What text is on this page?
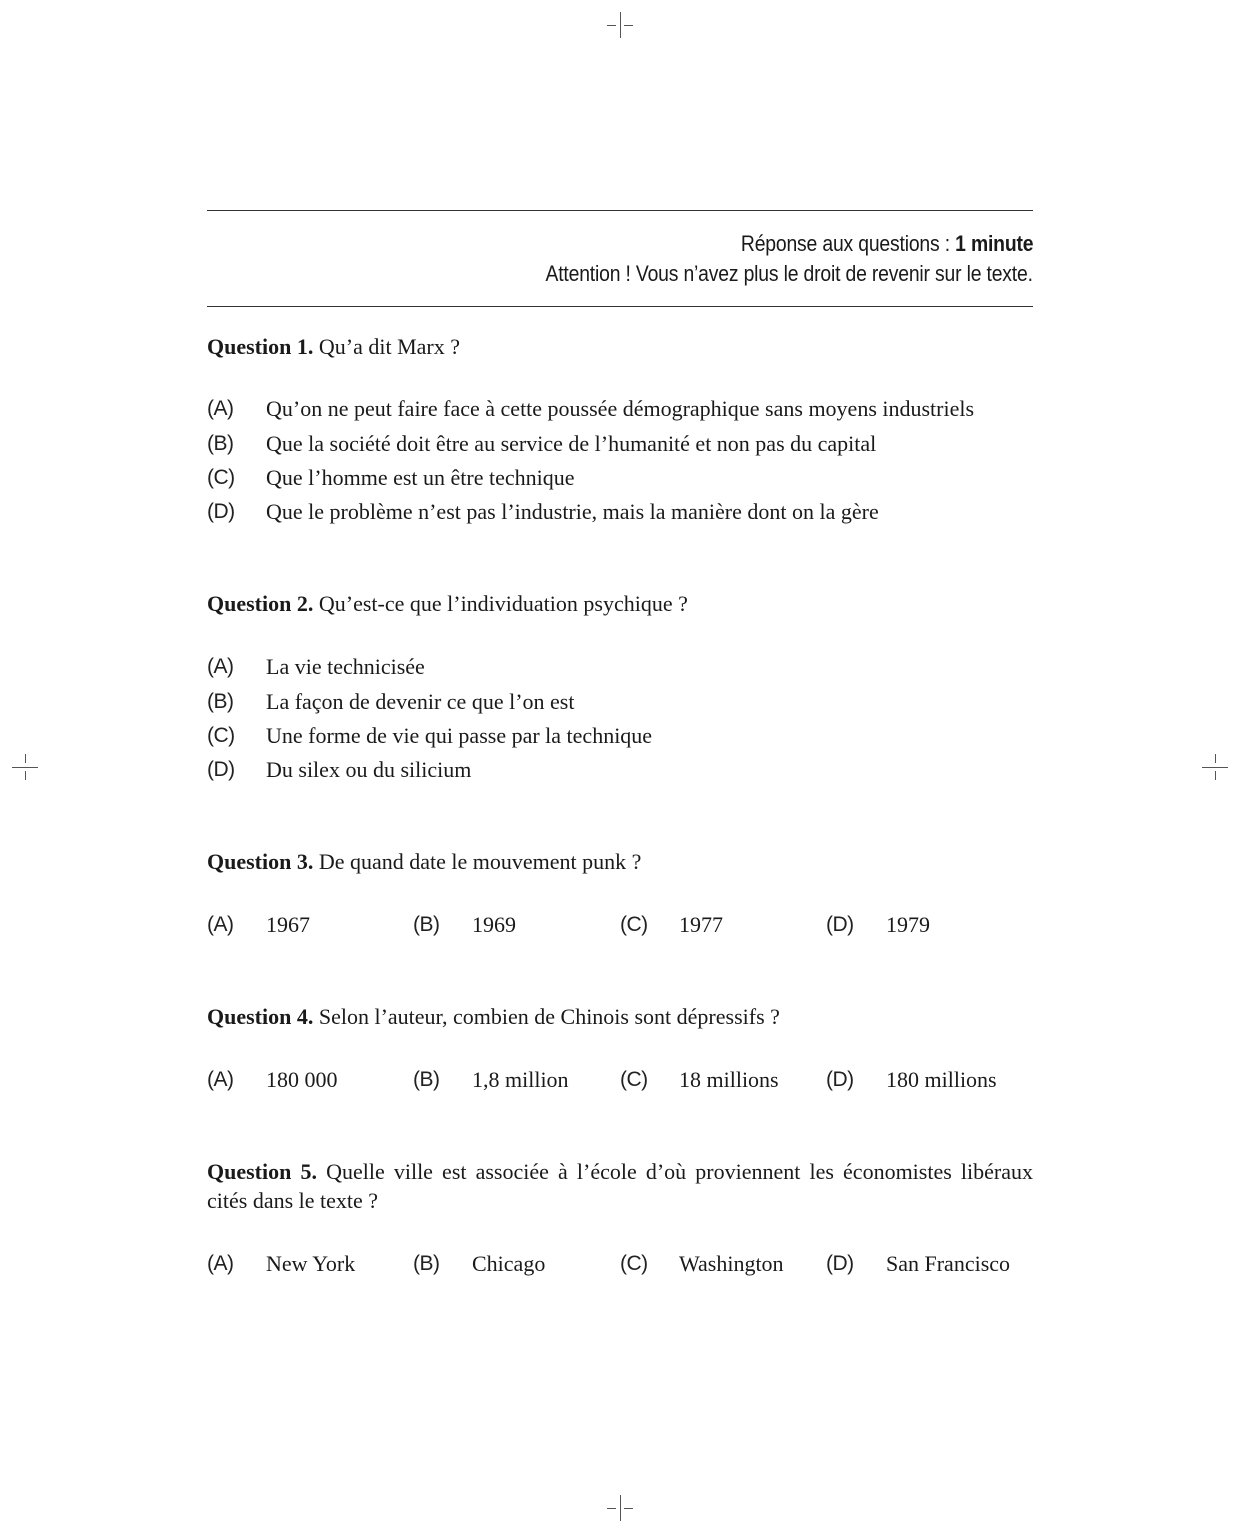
Réponse aux questions : 1 minute
Attention ! Vous n’avez plus le droit de revenir sur le texte.
Question 1. Qu’a dit Marx ?
(A) Qu’on ne peut faire face à cette poussée démographique sans moyens industriels
(B) Que la société doit être au service de l’humanité et non pas du capital
(C) Que l’homme est un être technique
(D) Que le problème n’est pas l’industrie, mais la manière dont on la gère
Question 2. Qu’est-ce que l’individuation psychique ?
(A) La vie technicisée
(B) La façon de devenir ce que l’on est
(C) Une forme de vie qui passe par la technique
(D) Du silex ou du silicium
Question 3. De quand date le mouvement punk ?
(A) 1967	(B) 1969	(C) 1977	(D) 1979
Question 4. Selon l’auteur, combien de Chinois sont dépressifs ?
(A) 180 000	(B) 1,8 million (C) 18 millions (D) 180 millions
Question 5. Quelle ville est associée à l’école d’où proviennent les économistes libéraux cités dans le texte ?
(A) New York	(B) Chicago	(C) Washington (D) San Francisco
